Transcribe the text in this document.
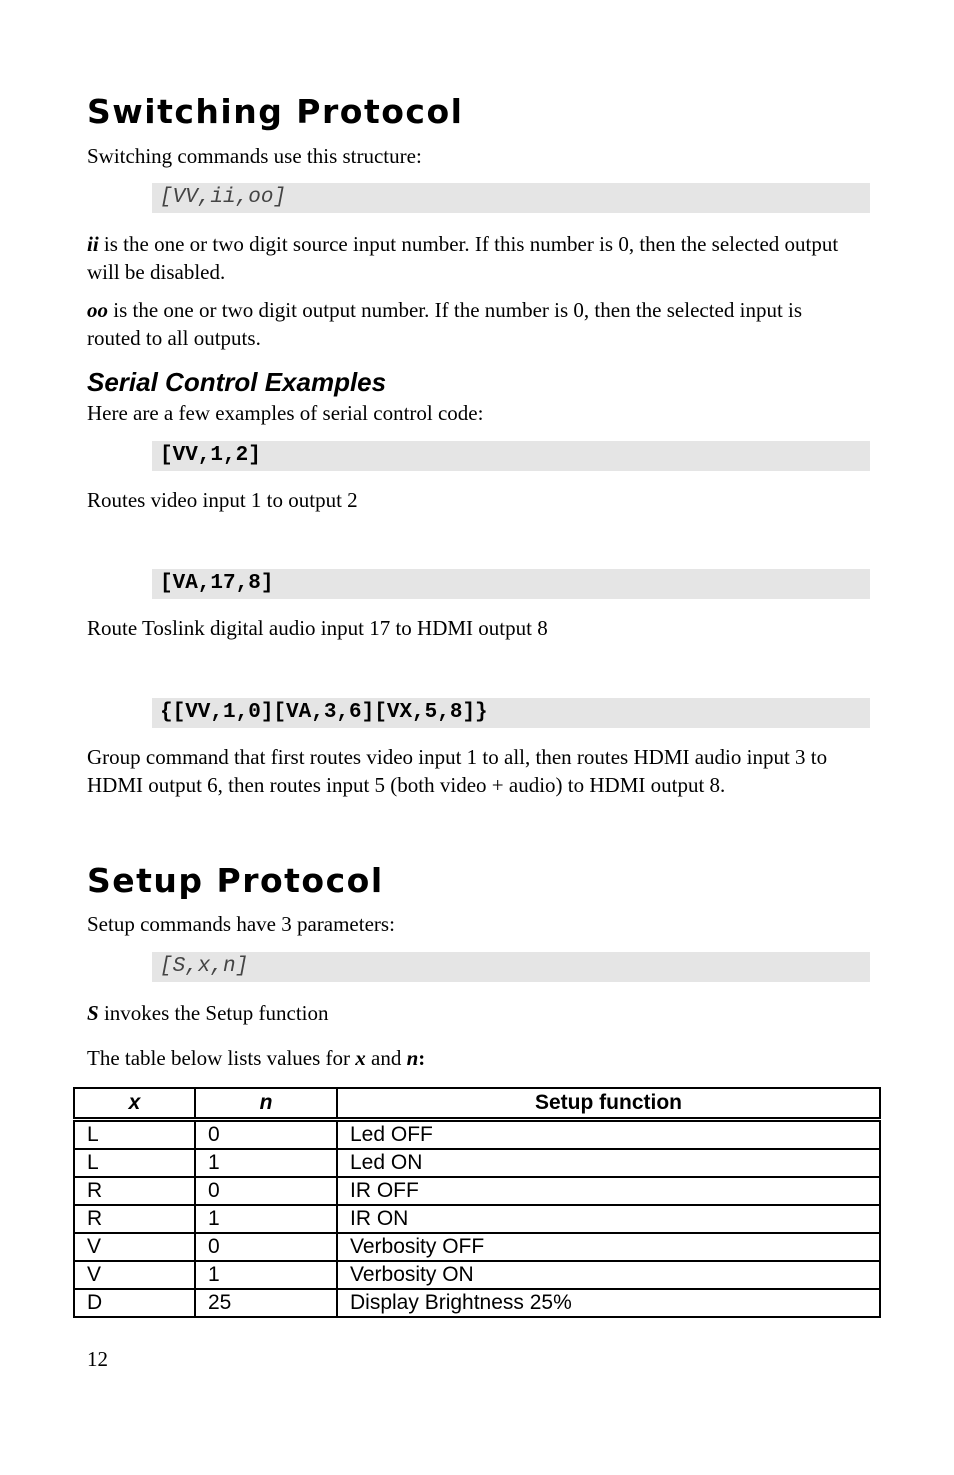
Switching Protocol

Switching commands use this structure:

[VV,ii,oo]

ii is the one or two digit source input number. If this number is 0, then the selected output will be disabled.

oo is the one or two digit output number. If the number is 0, then the selected input is routed to all outputs.

Serial Control Examples

Here are a few examples of serial control code:

[VV,1,2]

Routes video input 1 to output 2

[VA,17,8]

Route Toslink digital audio input 17 to HDMI output 8

{[VV,1,0][VA,3,6][VX,5,8]}

Group command that first routes video input 1 to all, then routes HDMI audio input 3 to HDMI output 6, then routes input 5 (both video + audio) to HDMI output 8.

Setup Protocol

Setup commands have 3 parameters:

[S,x,n]

S invokes the Setup function

The table below lists values for x and n:

x	n	Setup function
L	0	Led OFF
L	1	Led ON
R	0	IR OFF
R	1	IR ON
V	0	Verbosity OFF
V	1	Verbosity ON
D	25	Display Brightness 25%
12
